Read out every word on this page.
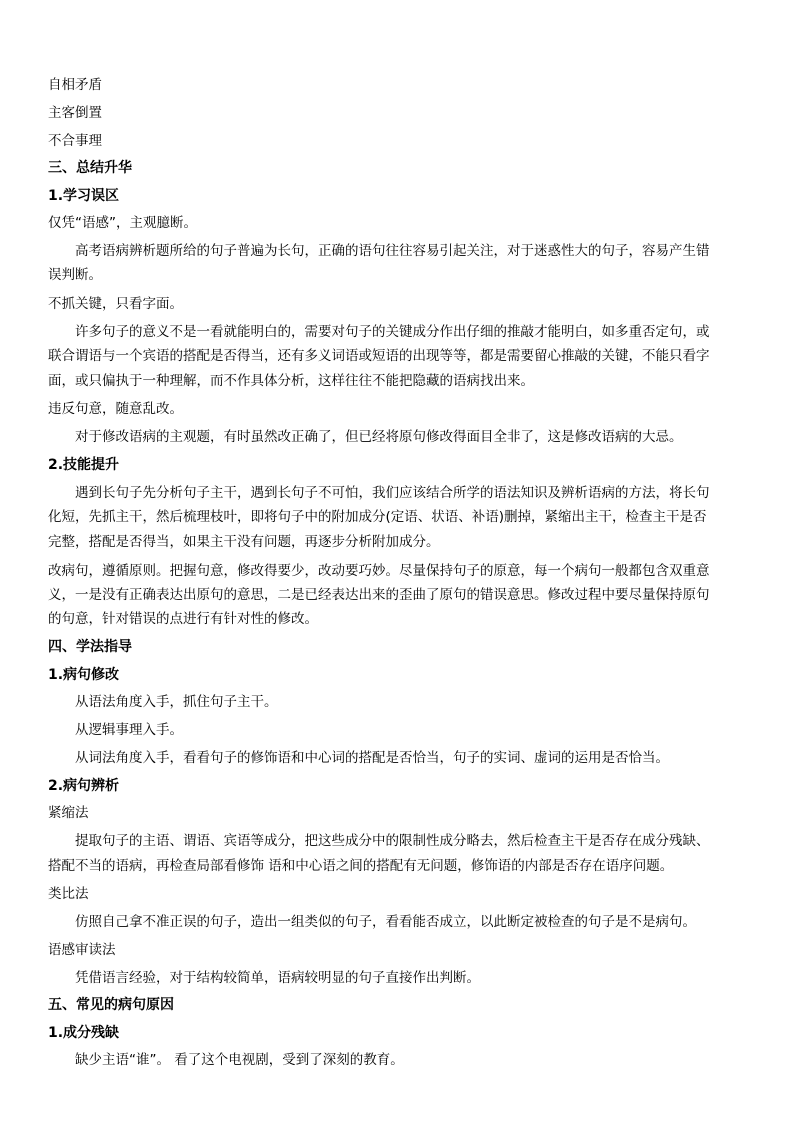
自相矛盾
主客倒置
不合事理
三、总结升华
1.学习误区
仅凭“语感”，主观臆断。
高考语病辨析题所给的句子普遍为长句，正确的语句往往容易引起关注，对于迷惑性大的句子，容易产生错
误判断。
不抓关键，只看字面。
许多句子的意义不是一看就能明白的，需要对句子的关键成分作出仔细的推敲才能明白，如多重否定句，或
联合谓语与一个宾语的搭配是否得当，还有多义词语或短语的出现等等，都是需要留心推敲的关键，不能只看字
面，或只偏执于一种理解，而不作具体分析，这样往往不能把隐藏的语病找出来。
违反句意，随意乱改。
对于修改语病的主观题，有时虽然改正确了，但已经将原句修改得面目全非了，这是修改语病的大忌。
2.技能提升
遇到长句子先分析句子主干，遇到长句子不可怕，我们应该结合所学的语法知识及辨析语病的方法，将长句
化短，先抓主干，然后梳理枝叶，即将句子中的附加成分(定语、状语、补语)删掉，紧缩出主干，检查主干是否
完整，搭配是否得当，如果主干没有问题，再逐步分析附加成分。
改病句，遵循原则。把握句意，修改得要少，改动要巧妙。尽量保持句子的原意，每一个病句一般都包含双重意
义，一是没有正确表达出原句的意思，二是已经表达出来的歪曲了原句的错误意思。修改过程中要尽量保持原句
的句意，针对错误的点进行有针对性的修改。
四、学法指导
1.病句修改
从语法角度入手，抓住句子主干。
从逻辑事理入手。
从词法角度入手，看看句子的修饰语和中心词的搭配是否恰当，句子的实词、虚词的运用是否恰当。
2.病句辨析
紧缩法
提取句子的主语、谓语、宾语等成分，把这些成分中的限制性成分略去，然后检查主干是否存在成分残缺、
搭配不当的语病，再检查局部看修饰 语和中心语之间的搭配有无问题，修饰语的内部是否存在语序问题。
类比法
仿照自己拿不准正误的句子，造出一组类似的句子，看看能否成立，以此断定被检查的句子是不是病句。
语感审读法
凭借语言经验，对于结构较简单，语病较明显的句子直接作出判断。
五、常见的病句原因
1.成分残缺
缺少主语“谁”。 看了这个电视剧，受到了深刻的教育。
